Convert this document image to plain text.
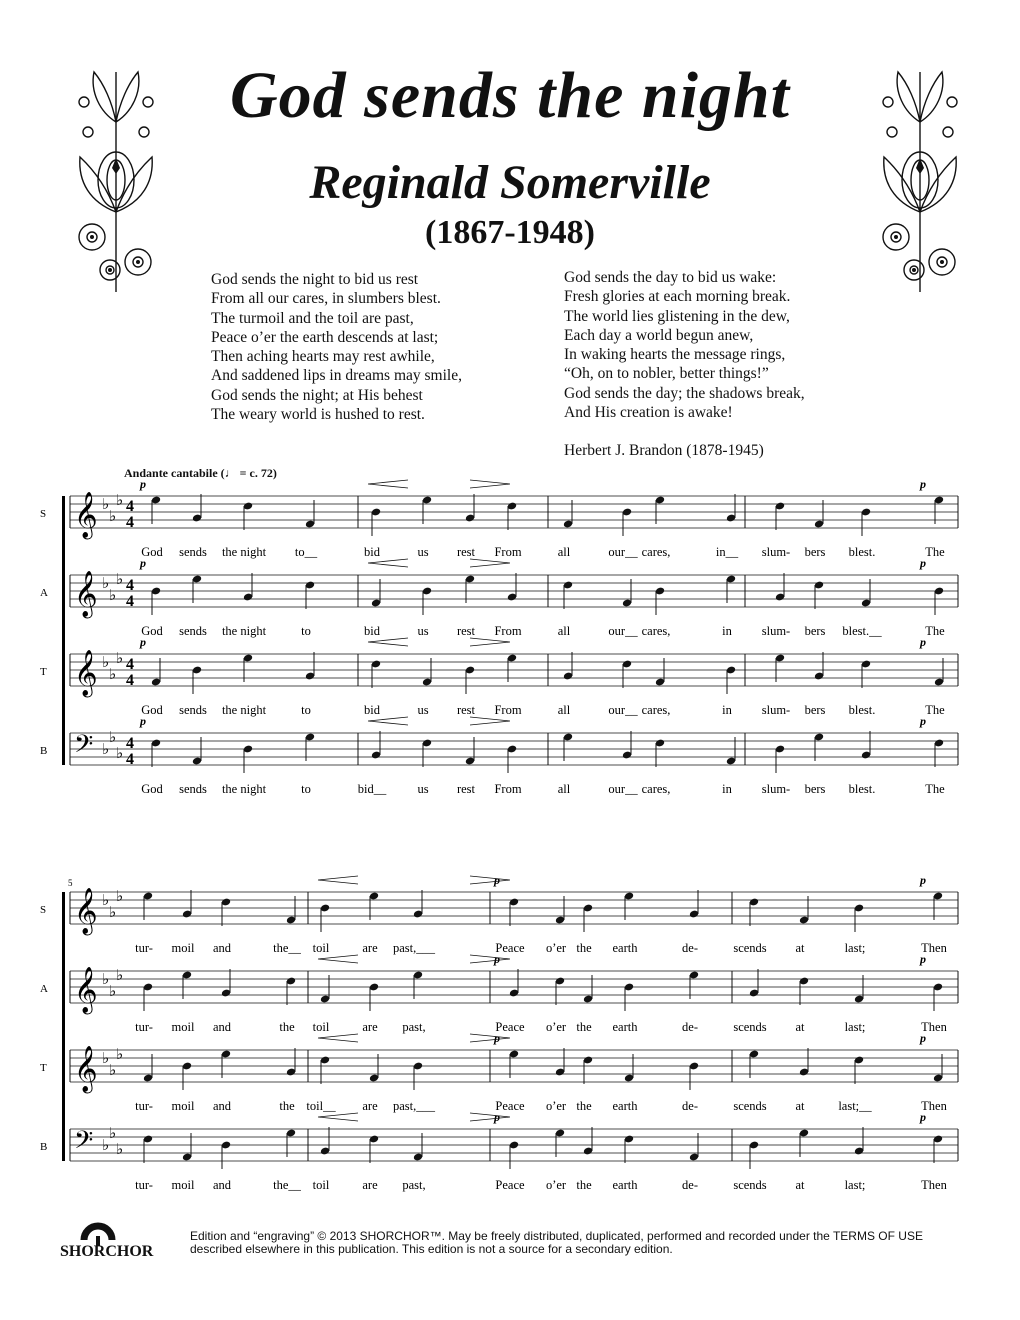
God sends the night
Reginald Somerville
(1867-1948)
God sends the night to bid us rest
From all our cares, in slumbers blest.
The turmoil and the toil are past,
Peace o’er the earth descends at last;
Then aching hearts may rest awhile,
And saddened lips in dreams may smile,
God sends the night; at His behest
The weary world is hushed to rest.
God sends the day to bid us wake:
Fresh glories at each morning break.
The world lies glistening in the dew,
Each day a world begun anew,
In waking hearts the message rings,
“Oh, on to nobler, better things!”
God sends the day; the shadows break,
And His creation is awake!
Herbert J. Brandon (1878-1945)
Andante cantabile (♩ = c. 72)
S 𝄞 ♭
♭
♭ 4
4
p	p
God sends the night to__	bid	us rest From	all	our__ cares,	in__ slum- bers blest.	The
A 𝄞 ♭
♭
♭ 4
4
p	p
God sends the night	to	bid	us rest From	all	our__ cares,	in slum- bers blest.__	The
T 𝄞 ♭
♭
♭ 4
4
p	p
God sends the night	to	bid	us rest From	all	our__ cares,	in slum- bers blest.	The
B 𝄢 ♭
♭
♭
4
4
p	p
God sends the night	to	bid__ us rest From	all	our__ cares,	in slum- bers blest.	The
S 𝄞 ♭
♭
♭
p	p
tur- moil and	the__ toil	are past,___	Peace o’er the earth	de-	scends at	last;	Then
A 𝄞 ♭
♭
♭
p	p
tur- moil and	the toil	are past,	Peace o’er the earth	de-	scends at	last;	Then
T 𝄞 ♭
♭
♭
p	p
tur- moil and	the toil__ are past,___	Peace o’er the earth	de-	scends at	last;__	Then
B 𝄢 ♭
♭
♭
p	p
tur- moil and	the__ toil	are past,	Peace o’er the earth	de-	scends at	last;	Then
5
SHORCHOR
Edition and “engraving” © 2013 SHORCHOR™. May be freely distributed, duplicated, performed and recorded under the TERMS OF USE
described elsewhere in this publication. This edition is not a source for a secondary edition.
